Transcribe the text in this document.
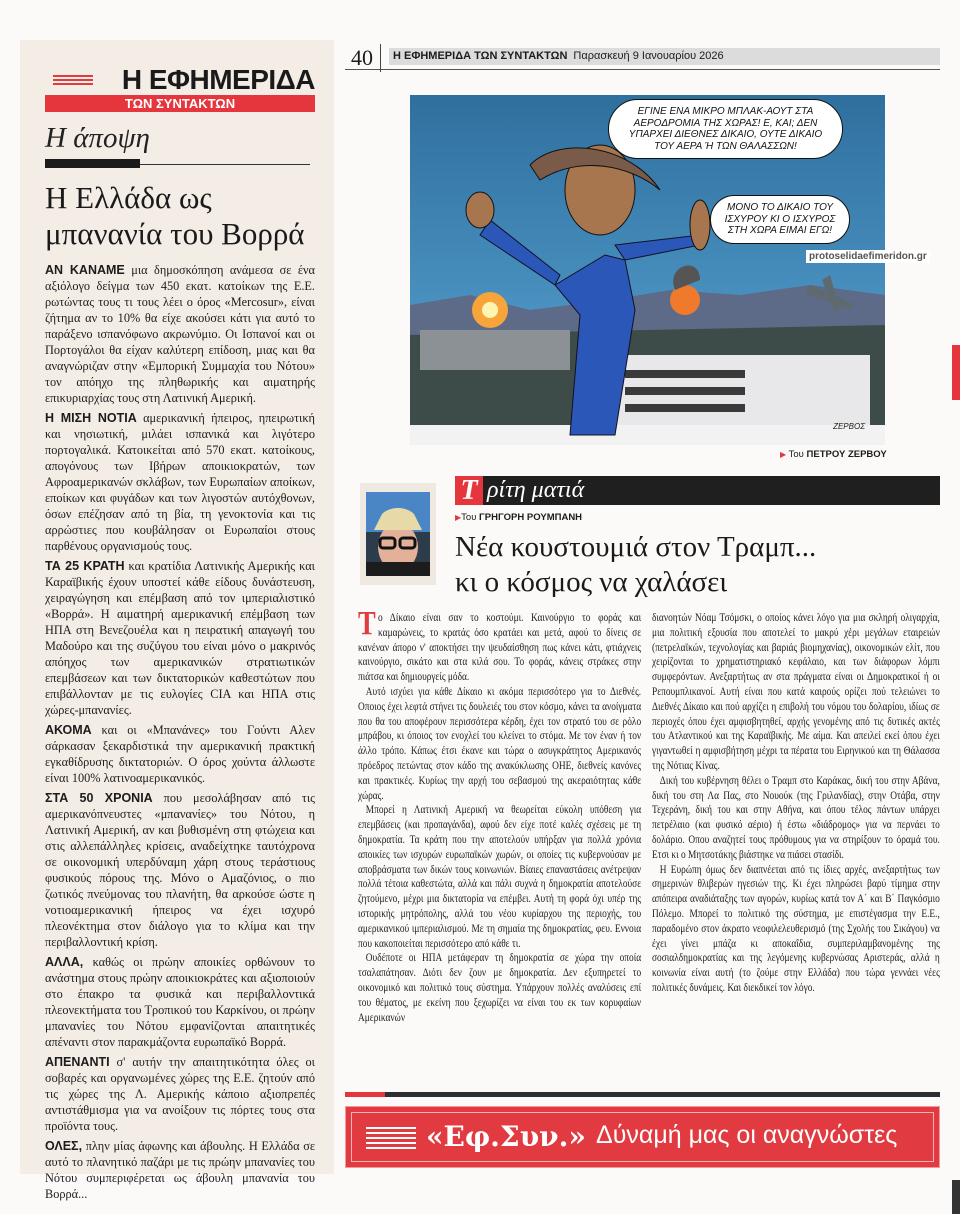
Η ΕΦΗΜΕΡΙΔΑ
ΤΩΝ ΣΥΝΤΑΚΤΩΝ
Η άποψη
Η Ελλάδα ως μπανανία του Βορρά

ΑΝ ΚΑΝΑΜΕ μια δημοσκόπηση ανάμεσα σε ένα αξιόλογο δείγμα των 450 εκατ. κατοίκων της Ε.Ε. ρωτώντας τους τι τους λέει ο όρος «Mercosur», είναι ζήτημα αν το 10% θα είχε ακούσει κάτι για αυτό το παράξενο ισπανόφωνο ακρωνύμιο. Οι Ισπανοί και οι Πορτογάλοι θα είχαν καλύτερη επίδοση, μιας και θα αναγνώριζαν στην «Εμπορική Συμμαχία του Νότου» τον απόηχο της πληθωρικής και αιματηρής επικυριαρχίας τους στη Λατινική Αμερική.

Η ΜΙΣΗ ΝΟΤΙΑ αμερικανική ήπειρος, ηπειρωτική και νησιωτική, μιλάει ισπανικά και λιγότερο πορτογαλικά. Κατοικείται από 570 εκατ. κατοίκους, απογόνους των Ιβήρων αποικιοκρατών, των Αφροαμερικανών σκλάβων, των Ευρωπαίων αποίκων, εποίκων και φυγάδων και των λιγοστών αυτόχθονων, όσων επέζησαν από τη βία, τη γενοκτονία και τις αρρώστιες που κουβάλησαν οι Ευρωπαίοι στους παρθένους οργανισμούς τους.

ΤΑ 25 ΚΡΑΤΗ και κρατίδια Λατινικής Αμερικής και Καραϊβικής έχουν υποστεί κάθε είδους δυνάστευση, χειραγώγηση και επέμβαση από τον ιμπεριαλιστικό «Βορρά». Η αιματηρή αμερικανική επέμβαση των ΗΠΑ στη Βενεζουέλα και η πειρατική απαγωγή του Μαδούρο και της συζύγου του είναι μόνο ο μακρινός απόηχος των αμερικανικών στρατιωτικών επεμβάσεων και των δικτατορικών καθεστώτων που επιβάλλονταν με τις ευλογίες CIA και ΗΠΑ στις χώρες-μπανανίες.

ΑΚΟΜΑ και οι «Μπανάνες» του Γούντι Αλεν σάρκασαν ξεκαρδιστικά την αμερικανική πρακτική εγκαθίδρυσης δικτατοριών. Ο όρος χούντα άλλωστε είναι 100% λατινοαμερικανικός.

ΣΤΑ 50 ΧΡΟΝΙΑ που μεσολάβησαν από τις αμερικανόπνευστες «μπανανίες» του Νότου, η Λατινική Αμερική, αν και βυθισμένη στη φτώχεια και στις αλλεπάλληλες κρίσεις, αναδείχτηκε ταυτόχρονα σε οικονομική υπερδύναμη χάρη στους τεράστιους φυσικούς πόρους της. Μόνο ο Αμαζόνιος, ο πιο ζωτικός πνεύμονας του πλανήτη, θα αρκούσε ώστε η νοτιοαμερικανική ήπειρος να έχει ισχυρό πλεονέκτημα στον διάλογο για το κλίμα και την περιβαλλοντική κρίση.

ΑΛΛΑ, καθώς οι πρώην αποικίες ορθώνουν το ανάστημα στους πρώην αποικιοκράτες και αξιοποιούν στο έπακρο τα φυσικά και περιβαλλοντικά πλεονεκτήματα του Τροπικού του Καρκίνου, οι πρώην μπανανίες του Νότου εμφανίζονται απαιτητικές απέναντι στον παρακμάζοντα ευρωπαϊκό Βορρά.

ΑΠΕΝΑΝΤΙ σ' αυτήν την απαιτητικότητα όλες οι σοβαρές και οργανωμένες χώρες της Ε.Ε. ζητούν από τις χώρες της Λ. Αμερικής κάποιο αξιοπρεπές αντιστάθμισμα για να ανοίξουν τις πόρτες τους στα προϊόντα τους.

ΟΛΕΣ, πλην μίας άφωνης και άβουλης. Η Ελλάδα σε αυτό το πλανητικό παζάρι με τις πρώην μπανανίες του Νότου συμπεριφέρεται ως άβουλη μπανανία του Βορρά...

40	Η ΕΦΗΜΕΡΙΔΑ ΤΩΝ ΣΥΝΤΑΚΤΩΝ Παρασκευή 9 Ιανουαρίου 2026
ΕΓΙΝΕ ΕΝΑ ΜΙΚΡΟ ΜΠΛΑΚ-ΑΟΥΤ ΣΤΑ ΑΕΡΟΔΡΟΜΙΑ ΤΗΣ ΧΩΡΑΣ! Ε, ΚΑΙ; ΔΕΝ ΥΠΑΡΧΕΙ ΔΙΕΘΝΕΣ ΔΙΚΑΙΟ, ΟΥΤΕ ΔΙΚΑΙΟ ΤΟΥ ΑΕΡΑ Ή ΤΩΝ ΘΑΛΑΣΣΩΝ!
ΜΟΝΟ ΤΟ ΔΙΚΑΙΟ ΤΟΥ ΙΣΧΥΡΟΥ ΚΙ Ο ΙΣΧΥΡΟΣ ΣΤΗ ΧΩΡΑ ΕΙΜΑΙ ΕΓΩ!
ΖΕΡΒΟΣ
protoselidaefimeridon.gr
▶ Του ΠΕΤΡΟΥ ΖΕΡΒΟΥ
Τ ρίτη ματιά
▶Του ΓΡΗΓΟΡΗ ΡΟΥΜΠΑΝΗ
Νέα κουστουμιά στον Τραμπ...
κι ο κόσμος να χαλάσει

Το Δίκαιο είναι σαν το κοστούμι. Καινούργιο το φοράς και καμαρώνεις, το κρατάς όσο κρατάει και μετά, αφού το δίνεις σε κανέναν άπορο ν' αποκτήσει την ψευδαίσθηση πως κάνει κάτι, φτιάχνεις καινούργιο, σικάτο και στα κιλά σου. Το φοράς, κάνεις στράκες στην πιάτσα και δημιουργείς μόδα.

Αυτό ισχύει για κάθε Δίκαιο κι ακόμα περισσότερο για το Διεθνές. Οποιος έχει λεφτά στήνει τις δουλειές του στον κόσμο, κάνει τα ανοίγματα που θα του αποφέρουν περισσότερα κέρδη, έχει τον στρατό του σε ρόλο μπράβου, κι όποιος τον ενοχλεί του κλείνει το στόμα. Με τον έναν ή τον άλλο τρόπο. Κάπως έτσι έκανε και τώρα ο ασυγκράτητος Αμερικανός πρόεδρος πετώντας στον κάδο της ανακύκλωσης ΟΗΕ, διεθνείς κανόνες και πρακτικές. Κυρίως την αρχή του σεβασμού της ακεραιότητας κάθε χώρας.

Μπορεί η Λατινική Αμερική να θεωρείται εύκολη υπόθεση για επεμβάσεις (και προπαγάνδα), αφού δεν είχε ποτέ καλές σχέσεις με τη δημοκρατία. Τα κράτη που την αποτελούν υπήρξαν για πολλά χρόνια αποικίες των ισχυρών ευρωπαϊκών χωρών, οι οποίες τις κυβερνούσαν με αποβράσματα των δικών τους κοινωνιών. Βίαιες επαναστάσεις ανέτρεψαν πολλά τέτοια καθεστώτα, αλλά και πάλι συχνά η δημοκρατία αποτελούσε ζητούμενο, μέχρι μια δικτατορία να επέμβει. Αυτή τη φορά όχι υπέρ της ιστορικής μητρόπολης, αλλά του νέου κυρίαρχου της περιοχής, του αμερικανικού ιμπεριαλισμού. Με τη σημαία της δημοκρατίας, φευ. Εννοια που κακοποιείται περισσότερο από κάθε τι.

Ουδέποτε οι ΗΠΑ μετάφεραν τη δημοκρατία σε χώρα την οποία τσαλαπάτησαν. Διότι δεν ζουν με δημοκρατία. Δεν εξυπηρετεί το οικονομικό και πολιτικό τους σύστημα. Υπάρχουν πολλές αναλύσεις επί του θέματος, με εκείνη που ξεχωρίζει να είναι του εκ των κορυφαίων Αμερικανών

διανοητών Νόαμ Τσόμσκι, ο οποίος κάνει λόγο για μια σκληρή ολιγαρχία, μια πολιτική εξουσία που αποτελεί το μακρύ χέρι μεγάλων εταιρειών (πετρελαϊκών, τεχνολογίας και βαριάς βιομηχανίας), οικονομικών ελίτ, που χειρίζονται το χρηματιστηριακό κεφάλαιο, και των διάφορων λόμπι συμφερόντων. Ανεξαρτήτως αν στα πράγματα είναι οι Δημοκρατικοί ή οι Ρεπουμπλικανοί. Αυτή είναι που κατά καιρούς ορίζει πού τελειώνει το Διεθνές Δίκαιο και πού αρχίζει η επιβολή του νόμου του δολαρίου, ιδίως σε περιοχές όπου έχει αμφισβητηθεί, αρχής γενομένης από τις δυτικές ακτές του Ατλαντικού και της Καραϊβικής. Με αίμα. Και απειλεί εκεί όπου έχει γιγαντωθεί η αμφισβήτηση μέχρι τα πέρατα του Ειρηνικού και τη Θάλασσα της Νότιας Κίνας.

Δική του κυβέρνηση θέλει ο Τραμπ στο Καράκας, δική του στην Αβάνα, δική του στη Λα Πας, στο Νουούκ (της Γριλανδίας), στην Οτάβα, στην Τεχεράνη, δική του και στην Αθήνα, και όπου τέλος πάντων υπάρχει πετρέλαιο (και φυσικό αέριο) ή έστω «διάδρομος» για να περνάει το δολάριο. Οπου αναζητεί τους πρόθυμους για να στηρίξουν το όραμά του. Ετσι κι ο Μητσοτάκης βιάστηκε να πιάσει στασίδι.

Η Ευρώπη όμως δεν διαπνέεται από τις ίδιες αρχές, ανεξαρτήτως των σημερινών θλιβερών ηγεσιών της. Κι έχει πληρώσει βαρύ τίμημα στην απόπειρα αναδιάταξης των αγορών, κυρίως κατά τον Α΄ και Β΄ Παγκόσμιο Πόλεμο. Μπορεί το πολιτικό της σύστημα, με επιστέγασμα την Ε.Ε., παραδομένο στον άκρατο νεοφιλελευθερισμό (της Σχολής του Σικάγου) να έχει γίνει μπάζα κι αποκαΐδια, συμπεριλαμβανομένης της σοσιαλδημοκρατίας και της λεγόμενης κυβερνώσας Αριστεράς, αλλά η κοινωνία είναι αυτή (το ζούμε στην Ελλάδα) που τώρα γεννάει νέες πολιτικές δυνάμεις. Και διεκδικεί τον λόγο.

«Εφ.Συν.» Δύναμή μας οι αναγνώστες
